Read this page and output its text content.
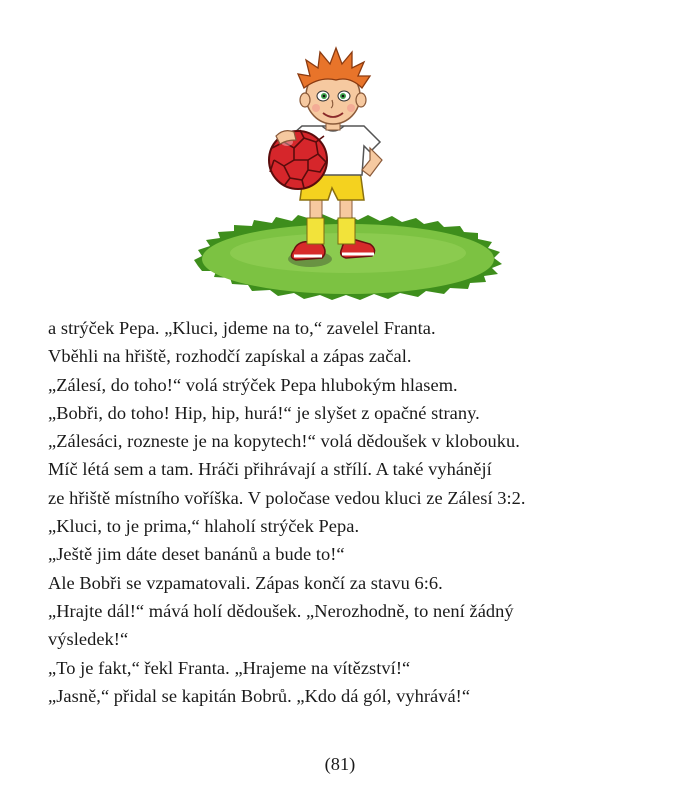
a strýček Pepa. „Kluci, jdeme na to,“ zavelel Franta.
Vběhli na hřiště, rozhodčí zapískal a zápas začal.
„Zálesí, do toho!“ volá strýček Pepa hlubokým hlasem.
„Bobři, do toho! Hip, hip, hurá!“ je slyšet z opačné strany.
„Zálesáci, rozneste je na kopytech!“ volá dědoušek v klobouku.
Míč létá sem a tam. Hráči přihrávají a střílí. A také vyhánějí
ze hřiště místního voříška. V poločase vedou kluci ze Zálesí 3:2.
„Kluci, to je prima,“ hlaholí strýček Pepa.
„Ještě jim dáte deset banánů a bude to!“
Ale Bobři se vzpamatovali. Zápas končí za stavu 6:6.
„Hrajte dál!“ mává holí dědoušek. „Nerozhodně, to není žádný
výsledek!“
„To je fakt,“ řekl Franta. „Hrajeme na vítězství!“
„Jasně,“ přidal se kapitán Bobrů. „Kdo dá gól, vyhrává!“
(81)
